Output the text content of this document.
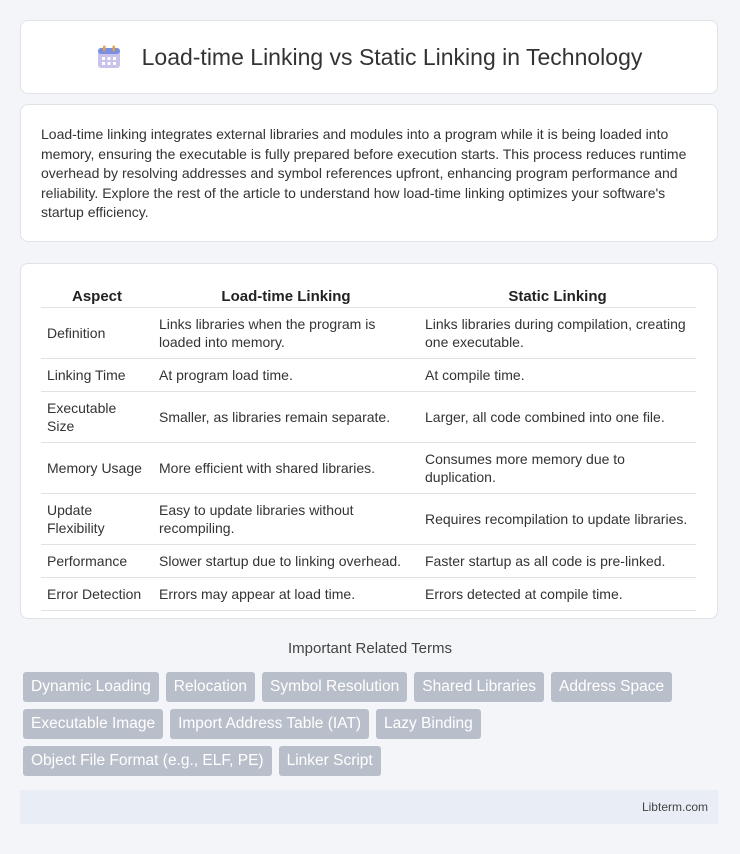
Load-time Linking vs Static Linking in Technology
Load-time linking integrates external libraries and modules into a program while it is being loaded into memory, ensuring the executable is fully prepared before execution starts. This process reduces runtime overhead by resolving addresses and symbol references upfront, enhancing program performance and reliability. Explore the rest of the article to understand how load-time linking optimizes your software's startup efficiency.
Aspect	Load-time Linking	Static Linking
Definition	Links libraries when the program is loaded into memory.	Links libraries during compilation, creating one executable.
Linking Time	At program load time.	At compile time.
Executable Size	Smaller, as libraries remain separate.	Larger, all code combined into one file.
Memory Usage	More efficient with shared libraries.	Consumes more memory due to duplication.
Update Flexibility	Easy to update libraries without recompiling.	Requires recompilation to update libraries.
Performance	Slower startup due to linking overhead.	Faster startup as all code is pre-linked.
Error Detection	Errors may appear at load time.	Errors detected at compile time.
Important Related Terms
Dynamic Loading	Relocation	Symbol Resolution	Shared Libraries	Address Space
Executable Image	Import Address Table (IAT)	Lazy Binding
Object File Format (e.g., ELF, PE)	Linker Script
Libterm.com
